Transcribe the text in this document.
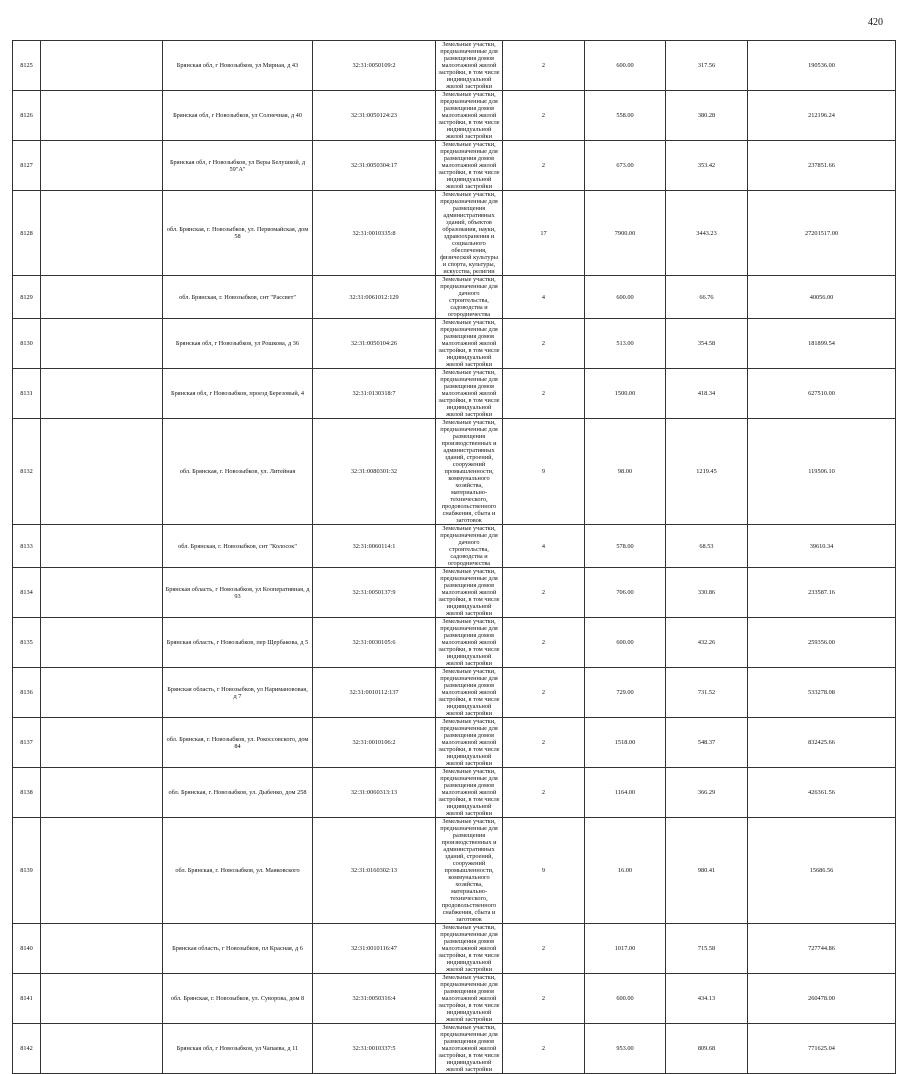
420
8125		Брянская обл, г Новозыбков, ул Мирная, д 43	32:31:0050109:2	Земельные участки, предназначенные для размещения домов малоэтажной жилой застройки, в том числе индивидуальной жилой застройки	2	600.00	317.56	190536.00
8126		Брянская обл, г Новозыбков, ул Солнечная, д 40	32:31:0050124:23	Земельные участки, предназначенные для размещения домов малоэтажной жилой застройки, в том числе индивидуальной жилой застройки	2	558.00	380.28	212196.24
8127		Брянская обл, г Новозыбков, ул Веры Белушкой, д 59"А"	32:31:0050304:17	Земельные участки, предназначенные для размещения домов малоэтажной жилой застройки, в том числе индивидуальной жилой застройки	2	673.00	353.42	237851.66
8128		обл. Брянская, г. Новозыбков, ул. Первомайская, дом 58	32:31:0010335:8	Земельные участки, предназначенные для размещения административных зданий, объектов образования, науки, здравоохранения и социального обеспечения, физической культуры и спорта, культуры, искусства, религии	17	7900.00	3443.23	27201517.00
8129		обл. Брянская, г. Новозыбков, снт "Рассвет"	32:31:0061012:129	Земельные участки, предназначенные для дачного строительства, садоводства и огородничества	4	600.00	66.76	40056.00
8130		Брянская обл, г Новозыбков, ул Рошкова, д 36	32:31:0050104:26	Земельные участки, предназначенные для размещения домов малоэтажной жилой застройки, в том числе индивидуальной жилой застройки	2	513.00	354.58	181899.54
8131		Брянская обл, г Новозыбков, проезд Березовый, 4	32:31:0130318:7	Земельные участки, предназначенные для размещения домов малоэтажной жилой застройки, в том числе индивидуальной жилой застройки	2	1500.00	418.34	627510.00
8132		обл. Брянская, г. Новозыбков, ул. Литейная	32:31:0080301:32	Земельные участки, предназначенные для размещения производственных и административных зданий, строений, сооружений промышленности, коммунального хозяйства, материально-технического, продовольственного снабжения, сбыта и заготовок	9	98.00	1219.45	119506.10
8133		обл. Брянская, г. Новозыбков, снт "Колосок"	32:31:0060114:1	Земельные участки, предназначенные для дачного строительства, садоводства и огородничества	4	578.00	68.53	39610.34
8134		Брянская область, г Новозыбков, ул Кооперативная, д 93	32:31:0050137:9	Земельные участки, предназначенные для размещения домов малоэтажной жилой застройки, в том числе индивидуальной жилой застройки	2	706.00	330.86	233587.16
8135		Брянская область, г Новозыбков, пер Щербакова, д 5	32:31:0030105:6	Земельные участки, предназначенные для размещения домов малоэтажной жилой застройки, в том числе индивидуальной жилой застройки	2	600.00	432.26	259356.00
8136		Брянская область, г Новозыбков, ул Нариманововая, д 7	32:31:0010112:137	Земельные участки, предназначенные для размещения домов малоэтажной жилой застройки, в том числе индивидуальной жилой застройки	2	729.00	731.52	533278.08
8137		обл. Брянская, г. Новозыбков, ул. Рокоссовского, дом 84	32:31:0010106:2	Земельные участки, предназначенные для размещения домов малоэтажной жилой застройки, в том числе индивидуальной жилой застройки	2	1518.00	548.37	832425.66
8138		обл. Брянская, г. Новозыбков, ул. Дыбенко, дом 258	32:31:0060313:13	Земельные участки, предназначенные для размещения домов малоэтажной жилой застройки, в том числе индивидуальной жилой застройки	2	1164.00	366.29	426361.56
8139		обл. Брянская, г. Новозыбков, ул. Маяковского	32:31:0160302:13	Земельные участки, предназначенные для размещения производственных и административных зданий, строений, сооружений промышленности, коммунального хозяйства, материально-технического, продовольственного снабжения, сбыта и заготовок	9	16.00	980.41	15686.56
8140		Брянская область, г Новозыбков, пл Красная, д 6	32:31:0010116:47	Земельные участки, предназначенные для размещения домов малоэтажной жилой застройки, в том числе индивидуальной жилой застройки	2	1017.00	715.58	727744.86
8141		обл. Брянская, г. Новозыбков, ул. Суворова, дом 8	32:31:0050316:4	Земельные участки, предназначенные для размещения домов малоэтажной жилой застройки, в том числе индивидуальной жилой застройки	2	600.00	434.13	260478.00
8142		Брянская обл, г Новозыбков, ул Чапаева, д 11	32:31:0010337:5	Земельные участки, предназначенные для размещения домов малоэтажной жилой застройки, в том числе индивидуальной жилой застройки	2	953.00	809.68	771625.04
